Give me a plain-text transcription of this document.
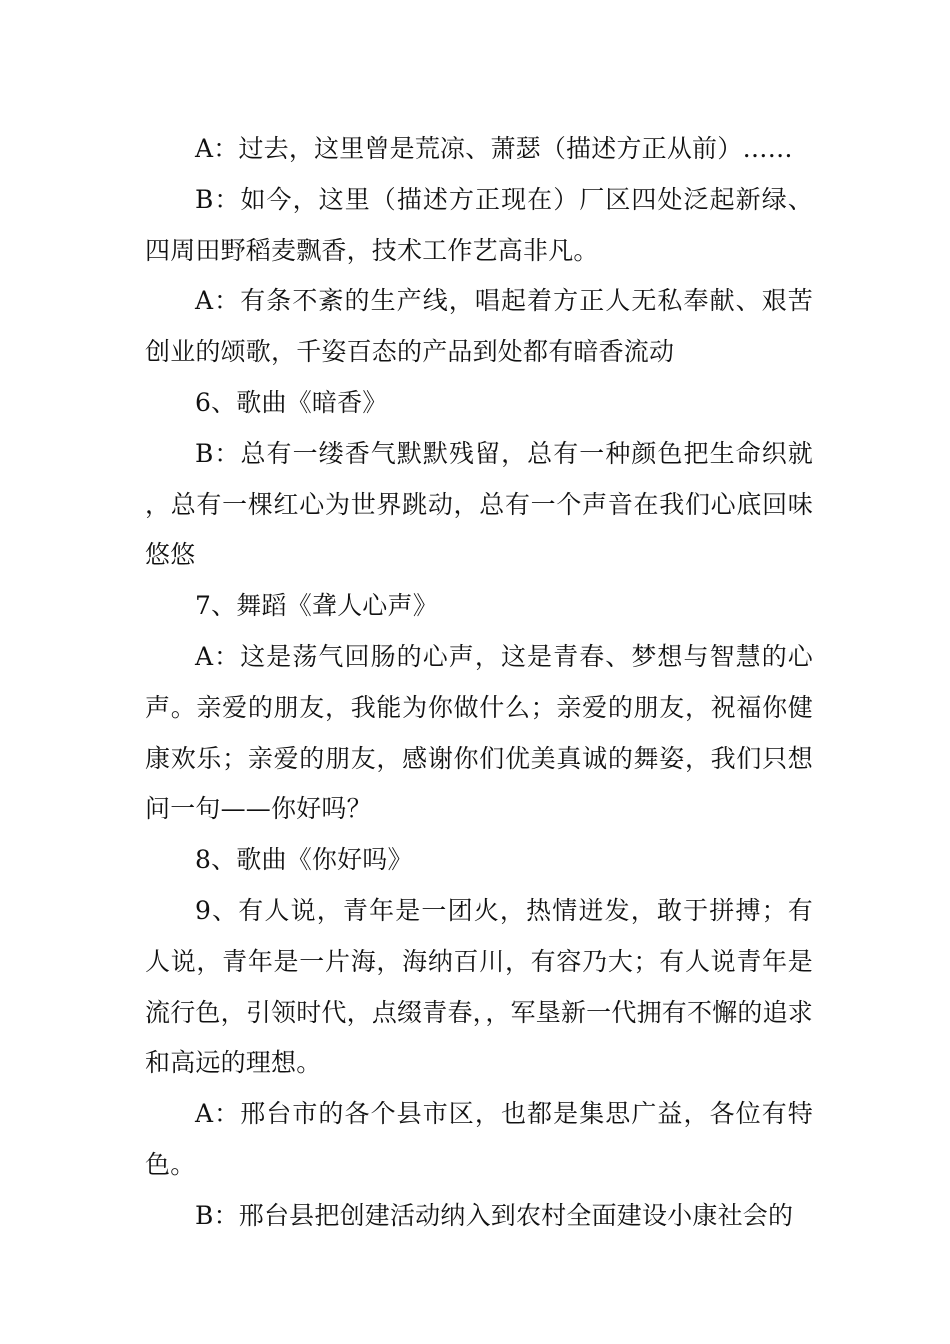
A：过去，这里曾是荒凉、萧瑟（描述方正从前）……

B：如今，这里（描述方正现在）厂区四处泛起新绿、四周田野稻麦飘香，技术工作艺高非凡。

A：有条不紊的生产线，唱起着方正人无私奉献、艰苦创业的颂歌，千姿百态的产品到处都有暗香流动

6、歌曲《暗香》

B：总有一缕香气默默残留，总有一种颜色把生命织就，总有一棵红心为世界跳动，总有一个声音在我们心底回味悠悠

7、舞蹈《聋人心声》

A：这是荡气回肠的心声，这是青春、梦想与智慧的心声。亲爱的朋友，我能为你做什么；亲爱的朋友，祝福你健康欢乐；亲爱的朋友，感谢你们优美真诚的舞姿，我们只想问一句——你好吗？

8、歌曲《你好吗》

9、有人说，青年是一团火，热情迸发，敢于拼搏；有人说，青年是一片海，海纳百川，有容乃大；有人说青年是流行色，引领时代，点缀青春，，军垦新一代拥有不懈的追求和高远的理想。

A：邢台市的各个县市区，也都是集思广益，各位有特色。

B：邢台县把创建活动纳入到农村全面建设小康社会的
